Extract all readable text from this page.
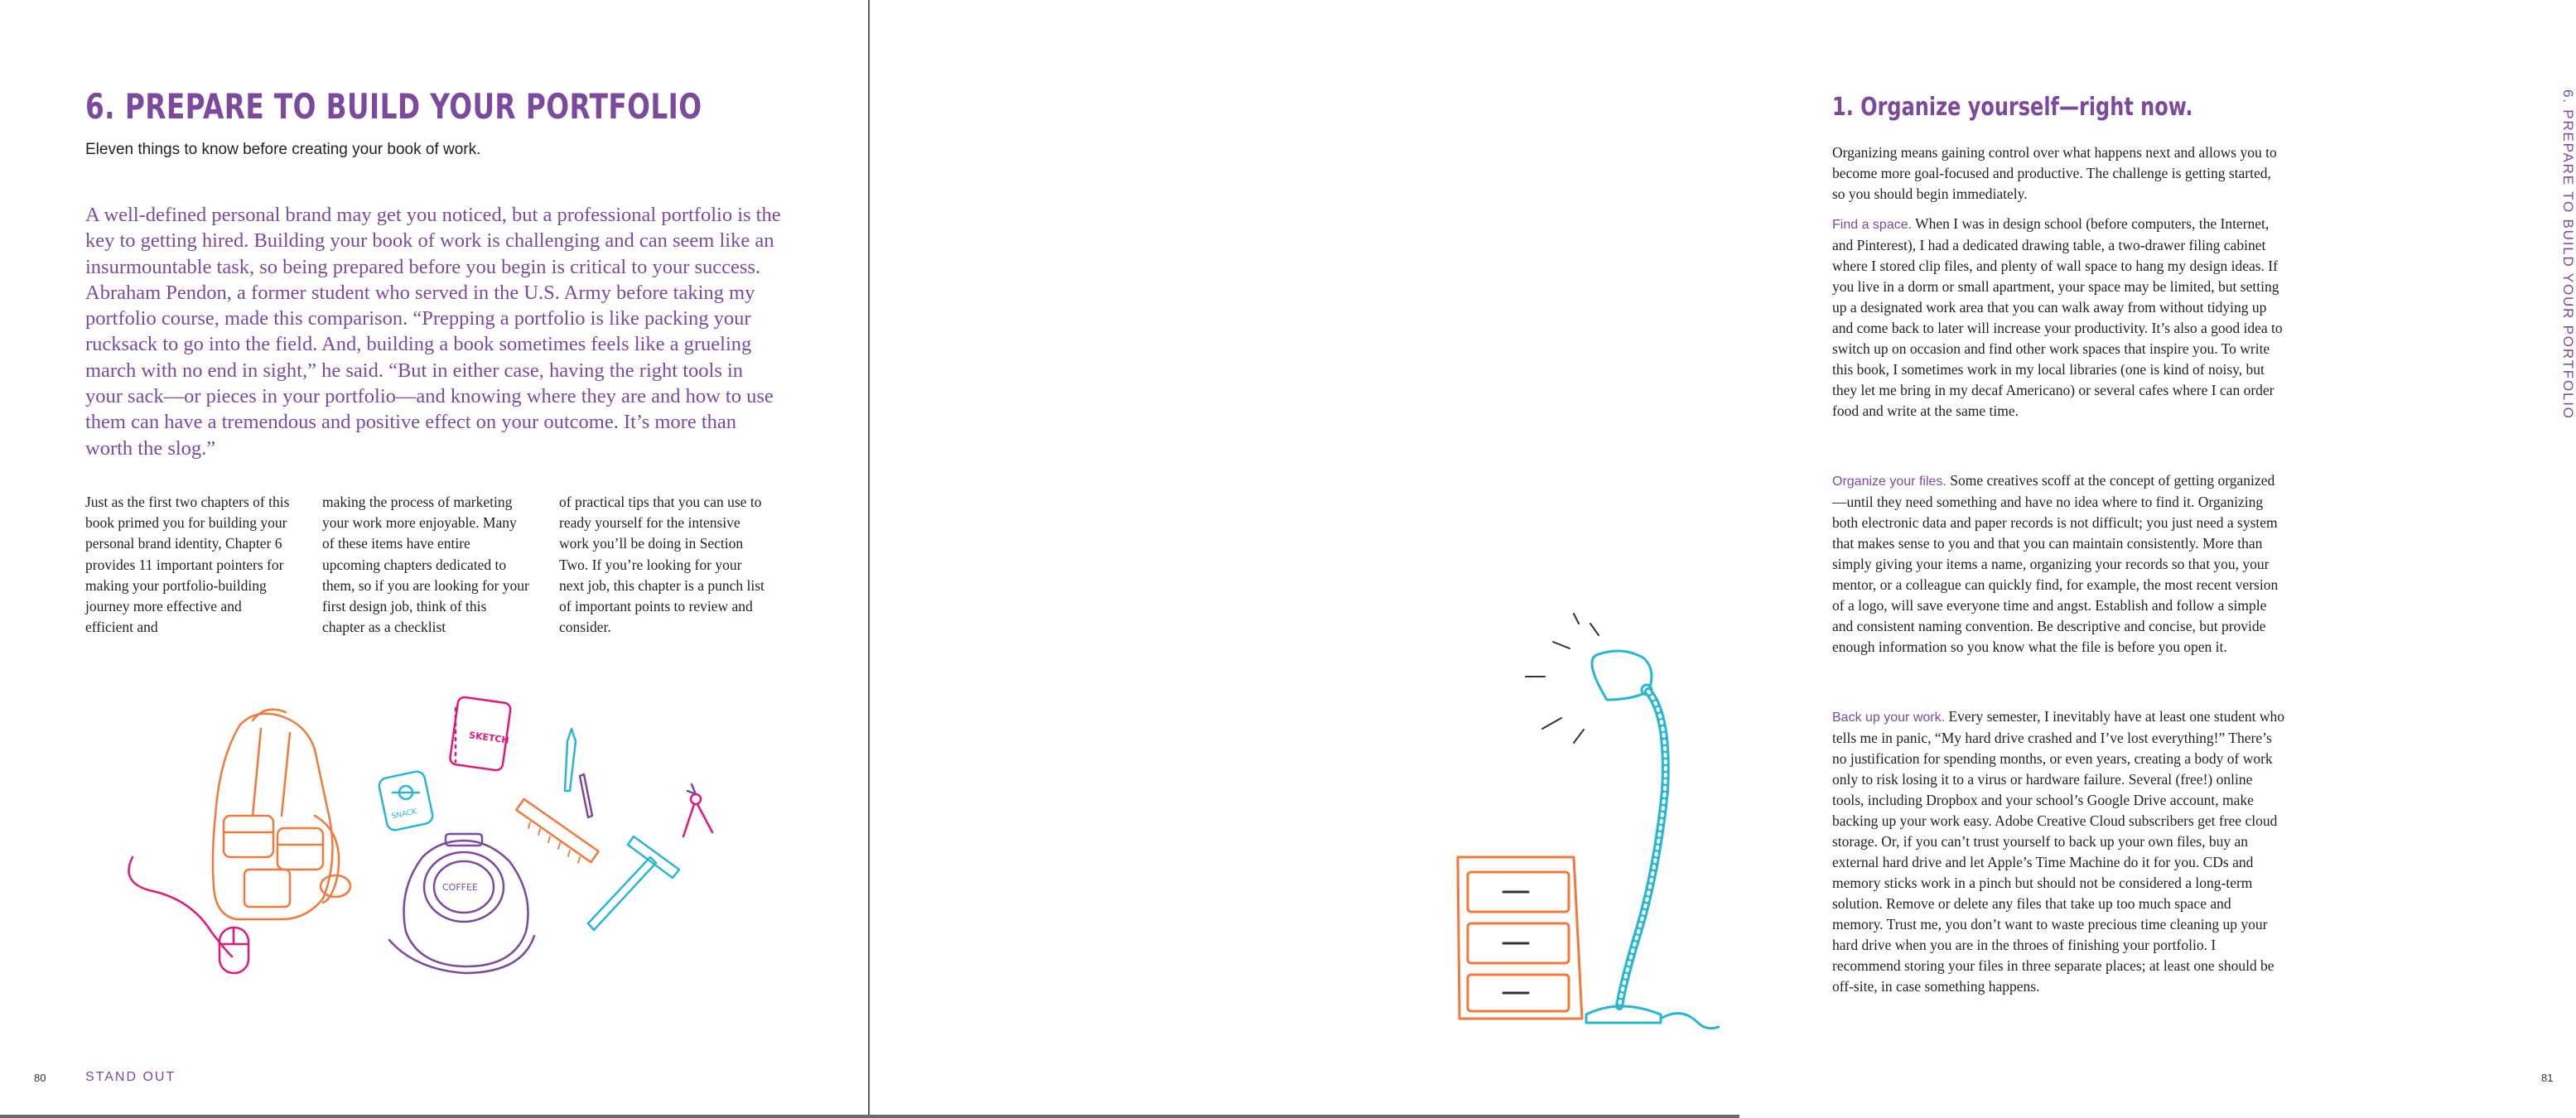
6. PREPARE TO BUILD YOUR PORTFOLIO

Eleven things to know before creating your book of work.

A well-defined personal brand may get you noticed, but a professional portfolio is the key to getting hired. Building your book of work is challenging and can seem like an insurmountable task, so being prepared before you begin is critical to your success. Abraham Pendon, a former student who served in the U.S. Army before taking my portfolio course, made this comparison. “Prepping a portfolio is like packing your rucksack to go into the field. And, building a book sometimes feels like a grueling march with no end in sight,” he said. “But in either case, having the right tools in your sack—or pieces in your portfolio—and knowing where they are and how to use them can have a tremendous and positive effect on your outcome. It’s more than worth the slog.”

Just as the first two chapters of this book primed you for building your personal brand identity, Chapter 6 provides 11 important pointers for making your portfolio-building journey more effective and efficient and

making the process of marketing your work more enjoyable. Many of these items have entire upcoming chapters dedicated to them, so if you are looking for your first design job, think of this chapter as a checklist

of practical tips that you can use to ready yourself for the intensive work you’ll be doing in Section Two. If you’re looking for your next job, this chapter is a punch list of important points to review and consider.

SKETCH
SNACK
COFFEE
80	STAND OUT
1. Organize yourself—right now.

Organizing means gaining control over what happens next and allows you to become more goal-focused and productive. The challenge is getting started, so you should begin immediately.

Find a space. When I was in design school (before computers, the Internet, and Pinterest), I had a dedicated drawing table, a two-drawer filing cabinet where I stored clip files, and plenty of wall space to hang my design ideas. If you live in a dorm or small apartment, your space may be limited, but setting up a designated work area that you can walk away from without tidying up and come back to later will increase your productivity. It’s also a good idea to switch up on occasion and find other work spaces that inspire you. To write this book, I sometimes work in my local libraries (one is kind of noisy, but they let me bring in my decaf Americano) or several cafes where I can order food and write at the same time.

Organize your files. Some creatives scoff at the concept of getting organized—until they need something and have no idea where to find it. Organizing both electronic data and paper records is not difficult; you just need a system that makes sense to you and that you can maintain consistently. More than simply giving your items a name, organizing your records so that you, your mentor, or a colleague can quickly find, for example, the most recent version of a logo, will save everyone time and angst. Establish and follow a simple and consistent naming convention. Be descriptive and concise, but provide enough information so you know what the file is before you open it.

Back up your work. Every semester, I inevitably have at least one student who tells me in panic, “My hard drive crashed and I’ve lost everything!” There’s no justification for spending months, or even years, creating a body of work only to risk losing it to a virus or hardware failure. Several (free!) online tools, including Dropbox and your school’s Google Drive account, make backing up your work easy. Adobe Creative Cloud subscribers get free cloud storage. Or, if you can’t trust yourself to back up your own files, buy an external hard drive and let Apple’s Time Machine do it for you. CDs and memory sticks work in a pinch but should not be considered a long-term solution. Remove or delete any files that take up too much space and memory. Trust me, you don’t want to waste precious time cleaning up your hard drive when you are in the throes of finishing your portfolio. I recommend storing your files in three separate places; at least one should be off-site, in case something happens.

6. PREPARE TO BUILD YOUR PORTFOLIO
81
